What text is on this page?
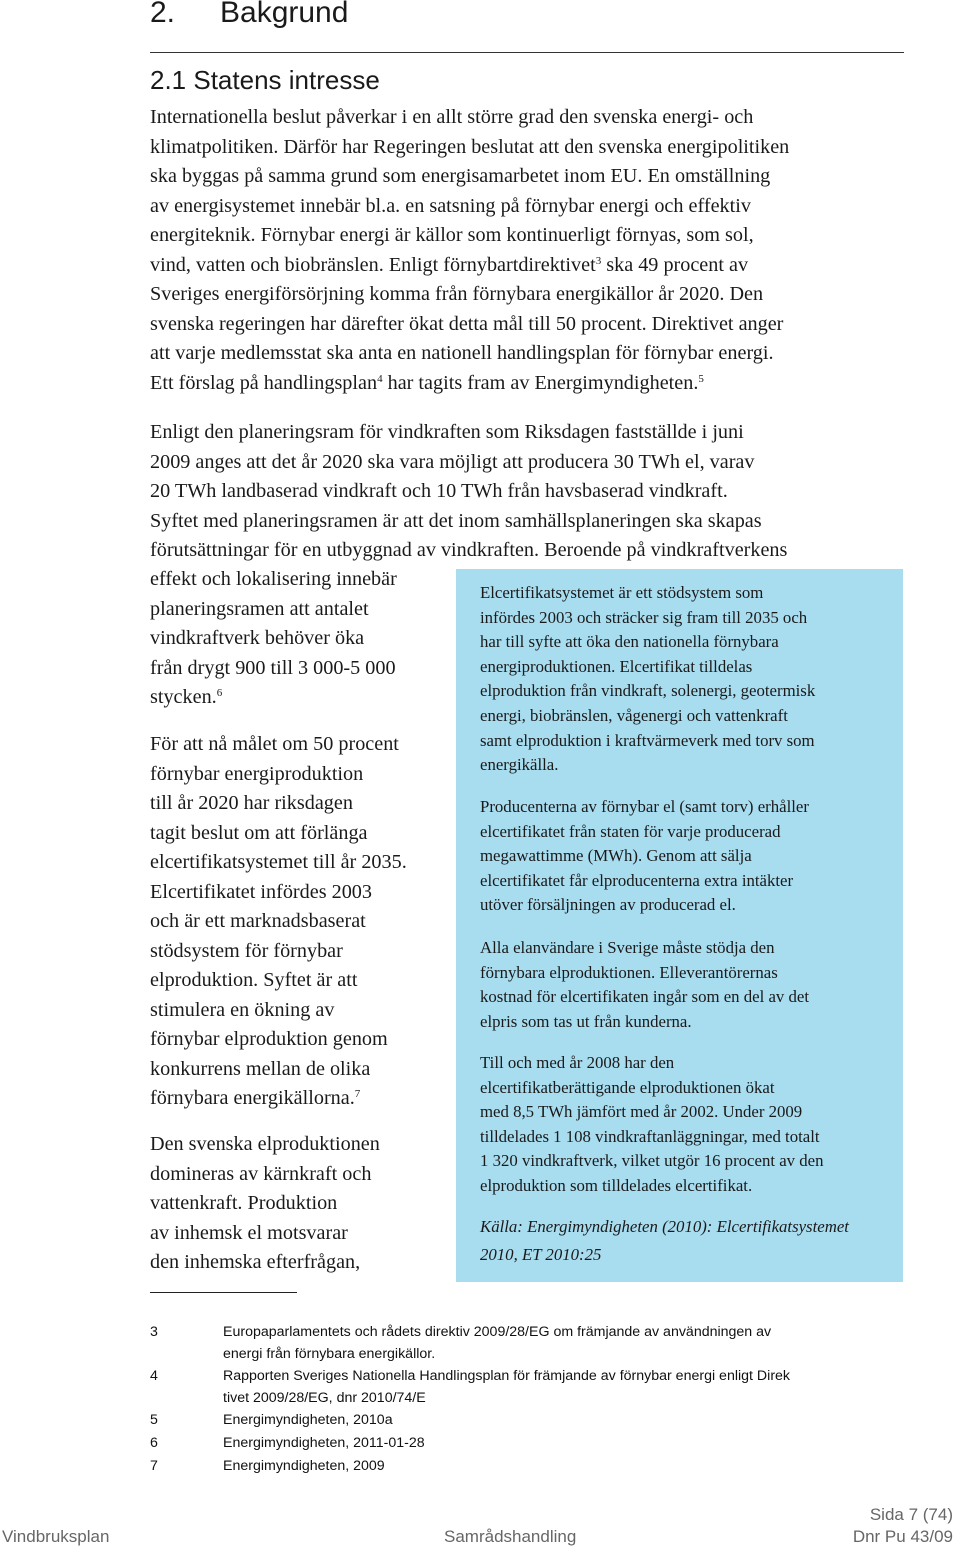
2. Bakgrund
2.1 Statens intresse
Internationella beslut påverkar i en allt större grad den svenska energi- och
klimatpolitiken. Därför har Regeringen beslutat att den svenska energipolitiken
ska byggas på samma grund som energisamarbetet inom EU. En omställning
av energisystemet innebär bl.a. en satsning på förnybar energi och effektiv
energiteknik. Förnybar energi är källor som kontinuerligt förnyas, som sol,
vind, vatten och biobränslen. Enligt förnybartdirektivet$^3$ ska 49 procent av
Sveriges energiförsörjning komma från förnybara energikällor år 2020. Den
svenska regeringen har därefter ökat detta mål till 50 procent. Direktivet anger
att varje medlemsstat ska anta en nationell handlingsplan för förnybar energi.
Ett förslag på handlingsplan$^4$ har tagits fram av Energimyndigheten.$^5$
Enligt den planeringsram för vindkraften som Riksdagen fastställde i juni
2009 anges att det år 2020 ska vara möjligt att producera 30 TWh el, varav
20 TWh landbaserad vindkraft och 10 TWh från havsbaserad vindkraft.
Syftet med planeringsramen är att det inom samhällsplaneringen ska skapas
förutsättningar för en utbyggnad av vindkraften. Beroende på vindkraftverkens
effekt och lokalisering innebär
planeringsramen att antalet
vindkraftverk behöver öka
från drygt 900 till 3 000-5 000
stycken.$^6$
För att nå målet om 50 procent
förnybar energiproduktion
till år 2020 har riksdagen
tagit beslut om att förlänga
elcertifikatsystemet till år 2035.
Elcertifikatet infördes 2003
och är ett marknadsbaserat
stödsystem för förnybar
elproduktion. Syftet är att
stimulera en ökning av
förnybar elproduktion genom
konkurrens mellan de olika
förnybara energikällorna.$^7$
Den svenska elproduktionen
domineras av kärnkraft och
vattenkraft. Produktion
av inhemsk el motsvarar
den inhemska efterfrågan,
Elcertifikatsystemet är ett stödsystem som
infördes 2003 och sträcker sig fram till 2035 och
har till syfte att öka den nationella förnybara
energiproduktionen. Elcertifikat tilldelas
elproduktion från vindkraft, solenergi, geotermisk
energi, biobränslen, vågenergi och vattenkraft
samt elproduktion i kraftvärmeverk med torv som
energikälla.
Producenterna av förnybar el (samt torv) erhåller
elcertifikatet från staten för varje producerad
megawattimme (MWh). Genom att sälja
elcertifikatet får elproducenterna extra intäkter
utöver försäljningen av producerad el.
Alla elanvändare i Sverige måste stödja den
förnybara elproduktionen. Elleverantörernas
kostnad för elcertifikaten ingår som en del av det
elpris som tas ut från kunderna.
Till och med år 2008 har den
elcertifikatberättigande elproduktionen ökat
med 8,5 TWh jämfört med år 2002. Under 2009
tilldelades 1 108 vindkraftanläggningar, med totalt
1 320 vindkraftverk, vilket utgör 16 procent av den
elproduktion som tilldelades elcertifikat.
Källa: Energimyndigheten (2010): Elcertifikatsystemet
2010, ET 2010:25
3	Europaparlamentets och rådets direktiv 2009/28/EG om främjande av användningen av
energi från förnybara energikällor.
4	Rapporten Sveriges Nationella Handlingsplan för främjande av förnybar energi enligt Direk
tivet 2009/28/EG, dnr 2010/74/E
5	Energimyndigheten, 2010a
6	Energimyndigheten, 2011-01-28
7	Energimyndigheten, 2009
Sida 7 (74)
Vindbruksplan	Samrådshandling	Dnr Pu 43/09
